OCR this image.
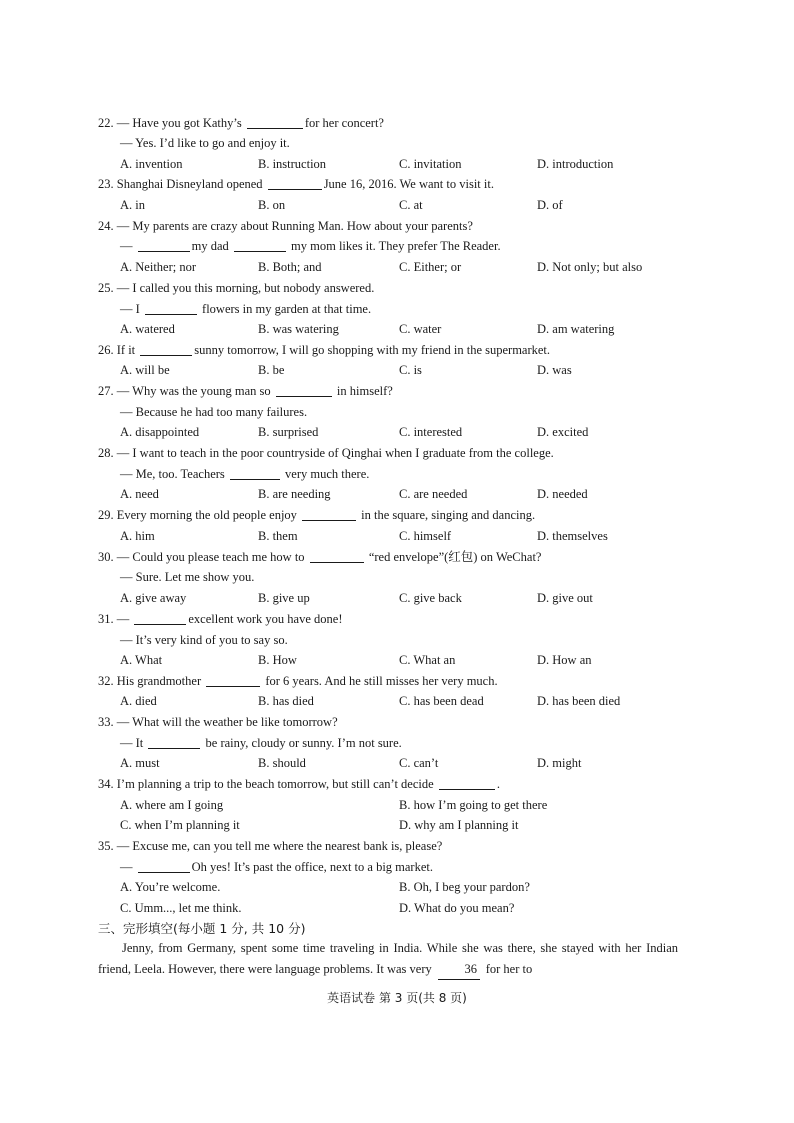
22. — Have you got Kathy’s	for her concert?
— Yes. I’d like to go and enjoy it.
A. invention	B. instruction	C. invitation	D. introduction
23. Shanghai Disneyland opened	June 16, 2016. We want to visit it.
A. in	B. on	C. at	D. of
24. — My parents are crazy about Running Man. How about your parents?
—	my dad	my mom likes it. They prefer The Reader.
A. Neither; nor	B. Both; and	C. Either; or	D. Not only; but also
25. — I called you this morning, but nobody answered.
— I	flowers in my garden at that time.
A. watered	B. was watering	C. water	D. am watering
26. If it	sunny tomorrow, I will go shopping with my friend in the supermarket.
A. will be	B. be	C. is	D. was
27. — Why was the young man so	in himself?
— Because he had too many failures.
A. disappointed	B. surprised	C. interested	D. excited
28. — I want to teach in the poor countryside of Qinghai when I graduate from the college.
— Me, too. Teachers	very much there.
A. need	B. are needing	C. are needed	D. needed
29. Every morning the old people enjoy	in the square, singing and dancing.
A. him	B. them	C. himself	D. themselves
30. — Could you please teach me how to	“red envelope”(红包) on WeChat?
— Sure. Let me show you.
A. give away	B. give up	C. give back	D. give out
31. —	excellent work you have done!
— It’s very kind of you to say so.
A. What	B. How	C. What an	D. How an
32. His grandmother	for 6 years. And he still misses her very much.
A. died	B. has died	C. has been dead	D. has been died
33. — What will the weather be like tomorrow?
— It	be rainy, cloudy or sunny. I’m not sure.
A. must	B. should	C. can’t	D. might
34. I’m planning a trip to the beach tomorrow, but still can’t decide	.
A. where am I going	B. how I’m going to get there
C. when I’m planning it	D. why am I planning it
35. — Excuse me, can you tell me where the nearest bank is, please?
—	Oh yes! It’s past the office, next to a big market.
A. You’re welcome.	B. Oh, I beg your pardon?
C. Umm..., let me think.	D. What do you mean?
三、完形填空(每小题 1 分, 共 10 分)
Jenny, from Germany, spent some time traveling in India. While she was there, she stayed with her Indian friend, Leela. However, there were language problems. It was very	36 for her to
英语试卷 第 3 页(共 8 页)
